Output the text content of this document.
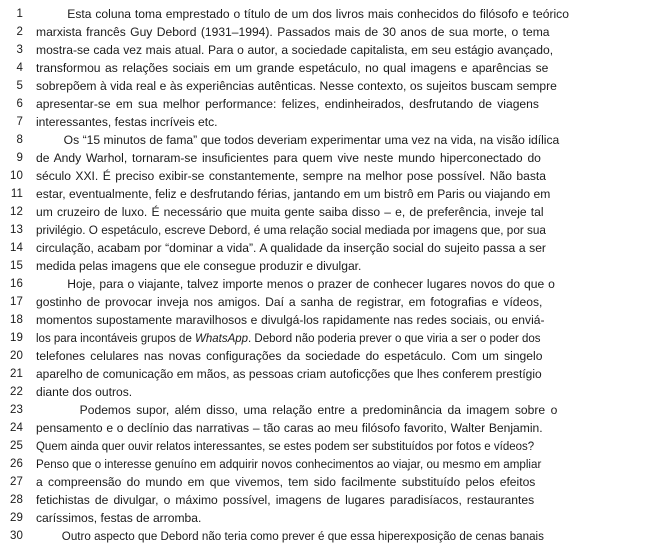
1 Esta coluna toma emprestado o título de um dos livros mais conhecidos do filósofo e teórico
2 marxista francês Guy Debord (1931–1994). Passados mais de 30 anos de sua morte, o tema
3 mostra-se cada vez mais atual. Para o autor, a sociedade capitalista, em seu estágio avançado,
4 transformou as relações sociais em um grande espetáculo, no qual imagens e aparências se
5 sobrepõem à vida real e às experiências autênticas. Nesse contexto, os sujeitos buscam sempre
6 apresentar-se em sua melhor performance: felizes, endinheirados, desfrutando de viagens
7 interessantes, festas incríveis etc.
8 Os “15 minutos de fama” que todos deveriam experimentar uma vez na vida, na visão idílica
9 de Andy Warhol, tornaram-se insuficientes para quem vive neste mundo hiperconectado do
10 século XXI. É preciso exibir-se constantemente, sempre na melhor pose possível. Não basta
11 estar, eventualmente, feliz e desfrutando férias, jantando em um bistrô em Paris ou viajando em
12 um cruzeiro de luxo. É necessário que muita gente saiba disso – e, de preferência, inveje tal
13 privilégio. O espetáculo, escreve Debord, é uma relação social mediada por imagens que, por sua
14 circulação, acabam por “dominar a vida”. A qualidade da inserção social do sujeito passa a ser
15 medida pelas imagens que ele consegue produzir e divulgar.
16 Hoje, para o viajante, talvez importe menos o prazer de conhecer lugares novos do que o
17 gostinho de provocar inveja nos amigos. Daí a sanha de registrar, em fotografias e vídeos,
18 momentos supostamente maravilhosos e divulgá-los rapidamente nas redes sociais, ou enviá-
19 los para incontáveis grupos de WhatsApp. Debord não poderia prever o que viria a ser o poder dos
20 telefones celulares nas novas configurações da sociedade do espetáculo. Com um singelo
21 aparelho de comunicação em mãos, as pessoas criam autoficções que lhes conferem prestígio
22 diante dos outros.
23 Podemos supor, além disso, uma relação entre a predominância da imagem sobre o
24 pensamento e o declínio das narrativas – tão caras ao meu filósofo favorito, Walter Benjamin.
25 Quem ainda quer ouvir relatos interessantes, se estes podem ser substituídos por fotos e vídeos?
26 Penso que o interesse genuíno em adquirir novos conhecimentos ao viajar, ou mesmo em ampliar
27 a compreensão do mundo em que vivemos, tem sido facilmente substituído pelos efeitos
28 fetichistas de divulgar, o máximo possível, imagens de lugares paradisíacos, restaurantes
29 caríssimos, festas de arromba.
30 Outro aspecto que Debord não teria como prever é que essa hiperexposição de cenas banais
